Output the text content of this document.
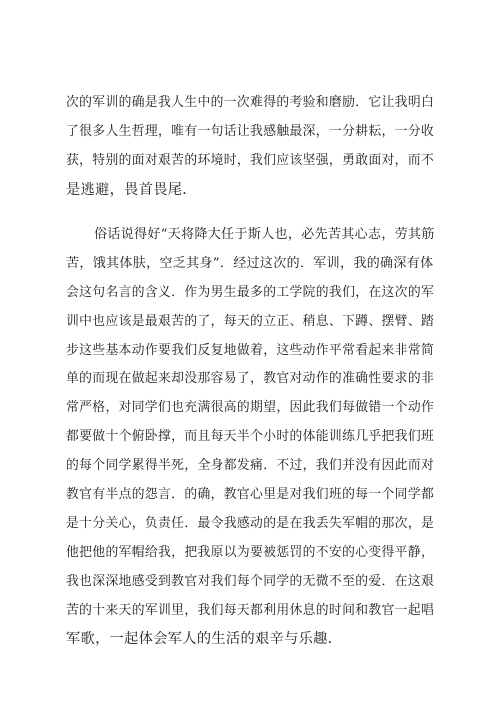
次的军训的确是我人生中的一次难得的考验和磨励．它让我明白
了很多人生哲理，唯有一句话让我感触最深，一分耕耘，一分收
获，特别的面对艰苦的环境时，我们应该坚强，勇敢面对，而不
是逃避，畏首畏尾．
俗话说得好“天将降大任于斯人也，必先苦其心志，劳其筋
苦，饿其体肤，空乏其身”．经过这次的．军训，我的确深有体
会这句名言的含义．作为男生最多的工学院的我们，在这次的军
训中也应该是最艰苦的了，每天的立正、稍息、下蹲、摆臂、踏
步这些基本动作要我们反复地做着，这些动作平常看起来非常简
单的而现在做起来却没那容易了，教官对动作的准确性要求的非
常严格，对同学们也充满很高的期望，因此我们每做错一个动作
都要做十个俯卧撑，而且每天半个小时的体能训练几乎把我们班
的每个同学累得半死，全身都发痛．不过，我们并没有因此而对
教官有半点的怨言．的确，教官心里是对我们班的每一个同学都
是十分关心，负责任．最令我感动的是在我丢失军帽的那次，是
他把他的军帽给我，把我原以为要被惩罚的不安的心变得平静，
我也深深地感受到教官对我们每个同学的无微不至的爱．在这艰
苦的十来天的军训里，我们每天都利用休息的时间和教官一起唱
军歌，一起体会军人的生活的艰辛与乐趣．
